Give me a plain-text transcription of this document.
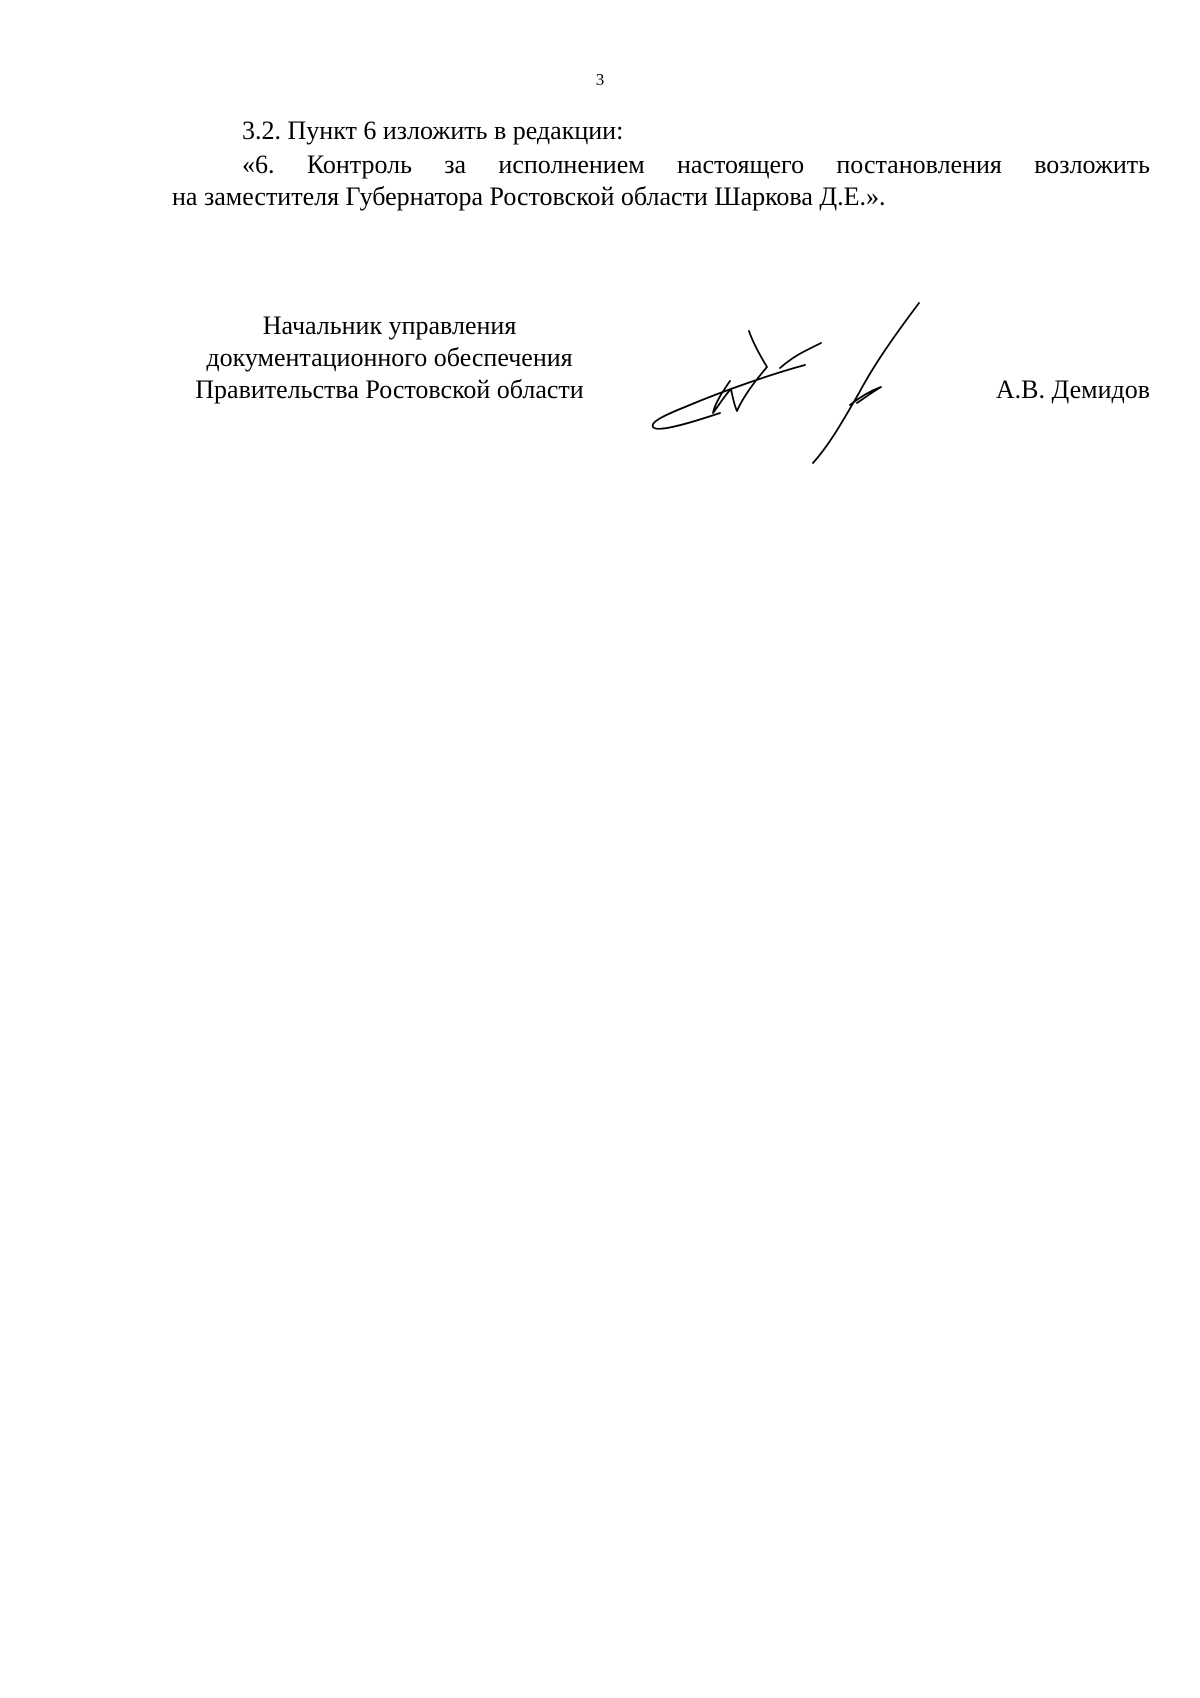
3
3.2. Пункт 6 изложить в редакции:
«6. Контроль за исполнением настоящего постановления возложить
на заместителя Губернатора Ростовской области Шаркова Д.Е.».
Начальник управления
документационного обеспечения
Правительства Ростовской области	А.В. Демидов
